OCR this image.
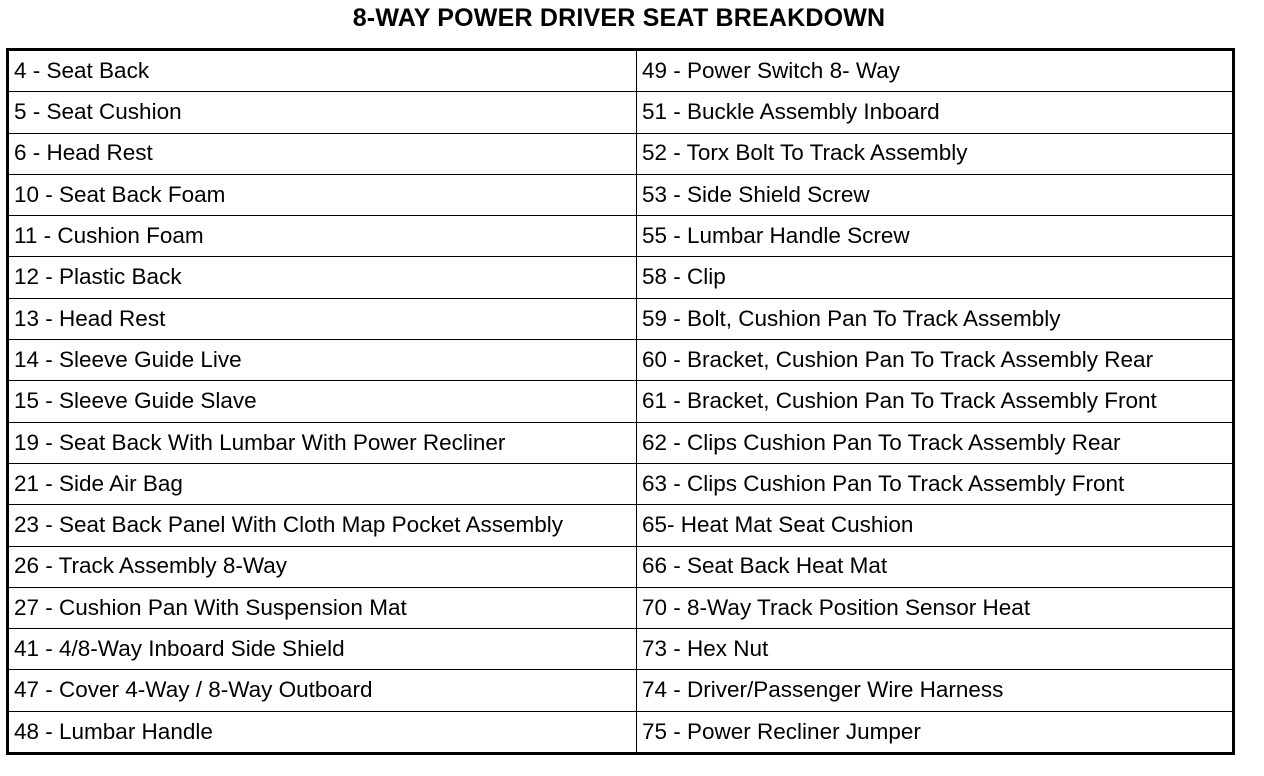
8-WAY POWER DRIVER SEAT BREAKDOWN
4 - Seat Back	49 - Power Switch 8- Way
5 - Seat Cushion	51 - Buckle Assembly Inboard
6 - Head Rest	52 - Torx Bolt To Track Assembly
10 - Seat Back Foam	53 - Side Shield Screw
11 - Cushion Foam	55 - Lumbar Handle Screw
12 - Plastic Back	58 - Clip
13 - Head Rest	59 - Bolt, Cushion Pan To Track Assembly
14 - Sleeve Guide Live	60 - Bracket, Cushion Pan To Track Assembly Rear
15 - Sleeve Guide Slave	61 - Bracket, Cushion Pan To Track Assembly Front
19 - Seat Back With Lumbar With Power Recliner	62 - Clips Cushion Pan To Track Assembly Rear
21 - Side Air Bag	63 - Clips Cushion Pan To Track Assembly Front
23 - Seat Back Panel With Cloth Map Pocket Assembly	65- Heat Mat Seat Cushion
26 - Track Assembly 8-Way	66 - Seat Back Heat Mat
27 - Cushion Pan With Suspension Mat	70 - 8-Way Track Position Sensor Heat
41 - 4/8-Way Inboard Side Shield	73 - Hex Nut
47 - Cover 4-Way / 8-Way Outboard	74 - Driver/Passenger Wire Harness
48 - Lumbar Handle	75 - Power Recliner Jumper
